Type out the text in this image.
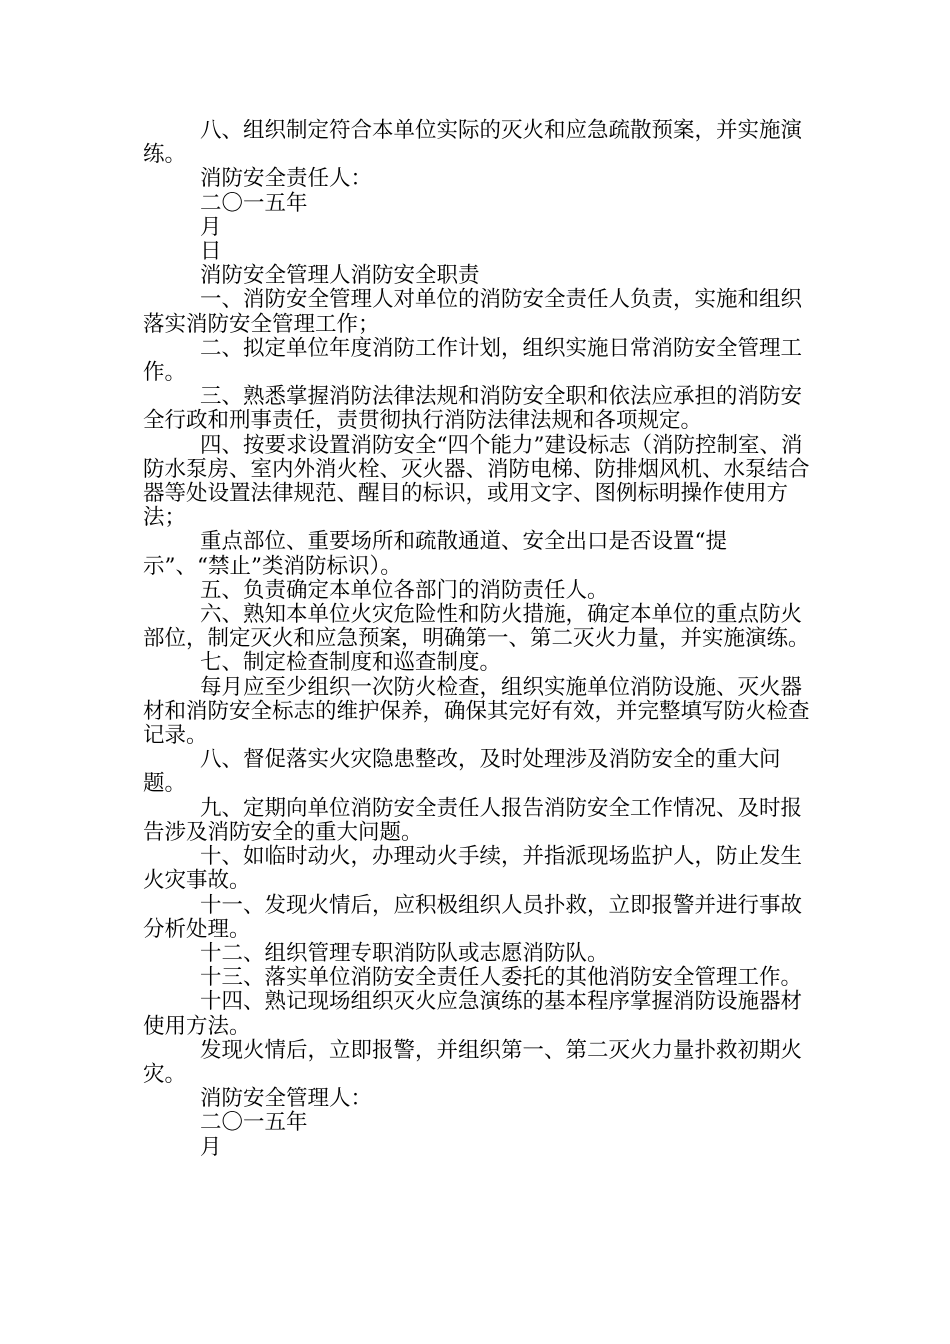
八、组织制定符合本单位实际的灭火和应急疏散预案，并实施演练。

消防安全责任人：

二〇一五年

月

日

消防安全管理人消防安全职责

一、消防安全管理人对单位的消防安全责任人负责，实施和组织落实消防安全管理工作；

二、拟定单位年度消防工作计划，组织实施日常消防安全管理工作。

三、熟悉掌握消防法律法规和消防安全职和依法应承担的消防安全行政和刑事责任，责贯彻执行消防法律法规和各项规定。

四、按要求设置消防安全“四个能力”建设标志（消防控制室、消防水泵房、室内外消火栓、灭火器、消防电梯、防排烟风机、水泵结合器等处设置法律规范、醒目的标识，或用文字、图例标明操作使用方法；

重点部位、重要场所和疏散通道、安全出口是否设置“提示”、“禁止”类消防标识）。

五、负责确定本单位各部门的消防责任人。

六、熟知本单位火灾危险性和防火措施，确定本单位的重点防火部位，制定灭火和应急预案，明确第一、第二灭火力量，并实施演练。

七、制定检查制度和巡查制度。

每月应至少组织一次防火检查，组织实施单位消防设施、灭火器材和消防安全标志的维护保养，确保其完好有效，并完整填写防火检查记录。

八、督促落实火灾隐患整改，及时处理涉及消防安全的重大问题。

九、定期向单位消防安全责任人报告消防安全工作情况、及时报告涉及消防安全的重大问题。

十、如临时动火，办理动火手续，并指派现场监护人，防止发生火灾事故。

十一、发现火情后，应积极组织人员扑救，立即报警并进行事故分析处理。

十二、组织管理专职消防队或志愿消防队。

十三、落实单位消防安全责任人委托的其他消防安全管理工作。

十四、熟记现场组织灭火应急演练的基本程序掌握消防设施器材使用方法。

发现火情后，立即报警，并组织第一、第二灭火力量扑救初期火灾。

消防安全管理人：

二〇一五年

月
